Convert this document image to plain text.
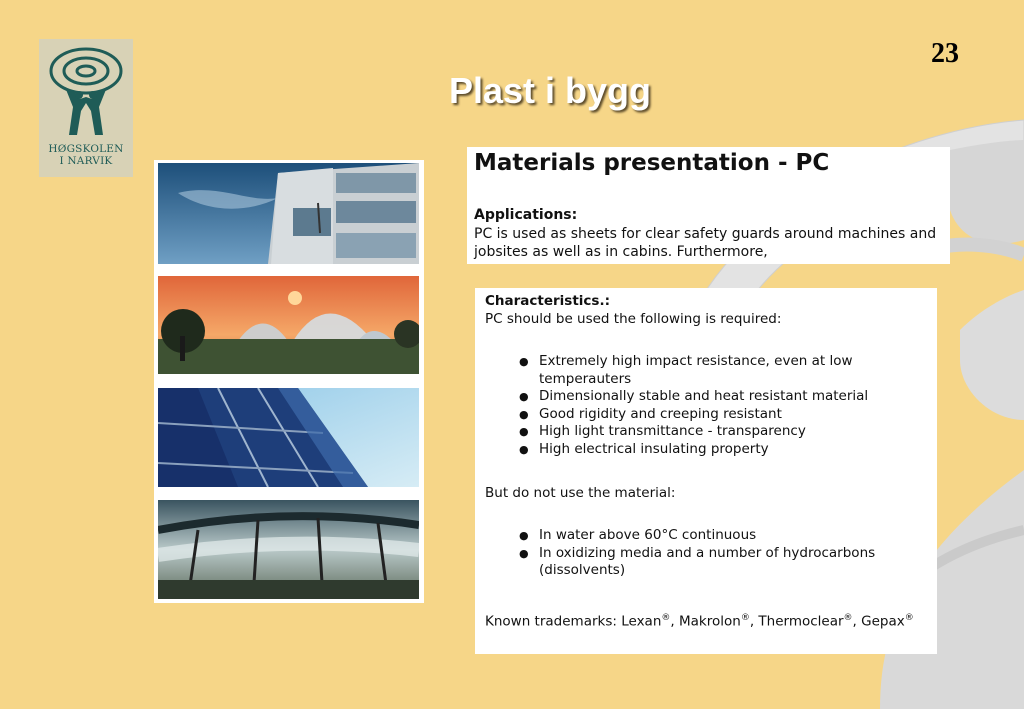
HØGSKOLEN
I NARVIK
23
Plast i bygg
Materials presentation - PC
Applications:
PC is used as sheets for clear safety guards around machines and jobsites as well as in cabins. Furthermore,
Characteristics.:
PC should be used the following is required:
● Extremely high impact resistance, even at low temperauters
● Dimensionally stable and heat resistant material
● Good rigidity and creeping resistant
● High light transmittance - transparency
● High electrical insulating property
But do not use the material:
● In water above 60°C continuous
● In oxidizing media and a number of hydrocarbons (dissolvents)
Known trademarks: Lexan®, Makrolon®, Thermoclear®, Gepax®
